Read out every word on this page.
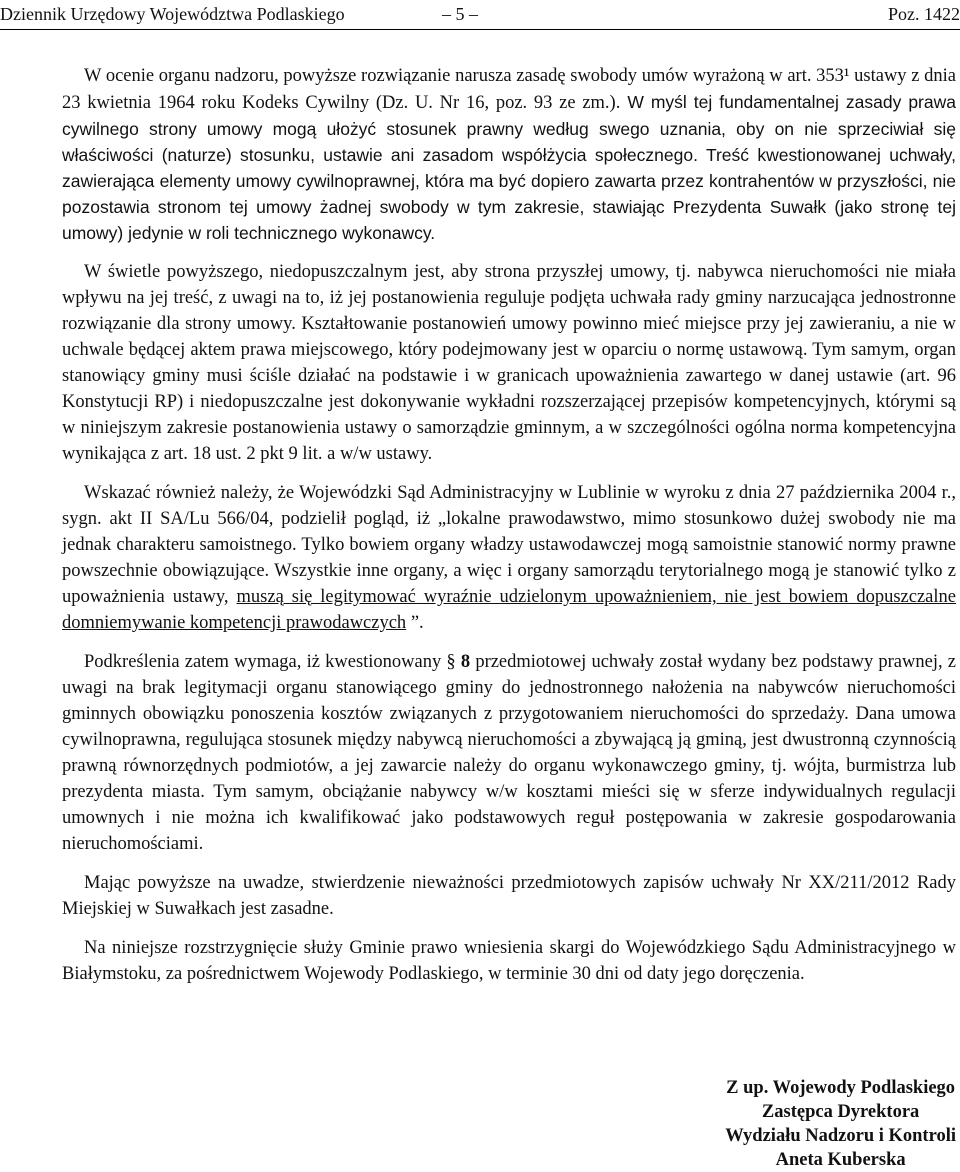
Dziennik Urzędowy Województwa Podlaskiego	– 5 –	Poz. 1422

W ocenie organu nadzoru, powyższe rozwiązanie narusza zasadę swobody umów wyrażoną w art. 353¹ ustawy z dnia 23 kwietnia 1964 roku Kodeks Cywilny (Dz. U. Nr 16, poz. 93 ze zm.). W myśl tej fundamentalnej zasady prawa cywilnego strony umowy mogą ułożyć stosunek prawny według swego uznania, oby on nie sprzeciwiał się właściwości (naturze) stosunku, ustawie ani zasadom współżycia społecznego. Treść kwestionowanej uchwały, zawierająca elementy umowy cywilnoprawnej, która ma być dopiero zawarta przez kontrahentów w przyszłości, nie pozostawia stronom tej umowy żadnej swobody w tym zakresie, stawiając Prezydenta Suwałk (jako stronę tej umowy) jedynie w roli technicznego wykonawcy.

W świetle powyższego, niedopuszczalnym jest, aby strona przyszłej umowy, tj. nabywca nieruchomości nie miała wpływu na jej treść, z uwagi na to, iż jej postanowienia reguluje podjęta uchwała rady gminy narzucająca jednostronne rozwiązanie dla strony umowy. Kształtowanie postanowień umowy powinno mieć miejsce przy jej zawieraniu, a nie w uchwale będącej aktem prawa miejscowego, który podejmowany jest w oparciu o normę ustawową. Tym samym, organ stanowiący gminy musi ściśle działać na podstawie i w granicach upoważnienia zawartego w danej ustawie (art. 96 Konstytucji RP) i niedopuszczalne jest dokonywanie wykładni rozszerzającej przepisów kompetencyjnych, którymi są w niniejszym zakresie postanowienia ustawy o samorządzie gminnym, a w szczególności ogólna norma kompetencyjna wynikająca z art. 18 ust. 2 pkt 9 lit. a w/w ustawy.

Wskazać również należy, że Wojewódzki Sąd Administracyjny w Lublinie w wyroku z dnia 27 października 2004 r., sygn. akt II SA/Lu 566/04, podzielił pogląd, iż „lokalne prawodawstwo, mimo stosunkowo dużej swobody nie ma jednak charakteru samoistnego. Tylko bowiem organy władzy ustawodawczej mogą samoistnie stanowić normy prawne powszechnie obowiązujące. Wszystkie inne organy, a więc i organy samorządu terytorialnego mogą je stanowić tylko z upoważnienia ustawy, muszą się legitymować wyraźnie udzielonym upoważnieniem, nie jest bowiem dopuszczalne domniemywanie kompetencji prawodawczych ”.

Podkreślenia zatem wymaga, iż kwestionowany § 8 przedmiotowej uchwały został wydany bez podstawy prawnej, z uwagi na brak legitymacji organu stanowiącego gminy do jednostronnego nałożenia na nabywców nieruchomości gminnych obowiązku ponoszenia kosztów związanych z przygotowaniem nieruchomości do sprzedaży. Dana umowa cywilnoprawna, regulująca stosunek między nabywcą nieruchomości a zbywającą ją gminą, jest dwustronną czynnością prawną równorzędnych podmiotów, a jej zawarcie należy do organu wykonawczego gminy, tj. wójta, burmistrza lub prezydenta miasta. Tym samym, obciążanie nabywcy w/w kosztami mieści się w sferze indywidualnych regulacji umownych i nie można ich kwalifikować jako podstawowych reguł postępowania w zakresie gospodarowania nieruchomościami.

Mając powyższe na uwadze, stwierdzenie nieważności przedmiotowych zapisów uchwały Nr XX/211/2012 Rady Miejskiej w Suwałkach jest zasadne.

Na niniejsze rozstrzygnięcie służy Gminie prawo wniesienia skargi do Wojewódzkiego Sądu Administracyjnego w Białymstoku, za pośrednictwem Wojewody Podlaskiego, w terminie 30 dni od daty jego doręczenia.

Z up. Wojewody Podlaskiego
Zastępca Dyrektora
Wydziału Nadzoru i Kontroli
Aneta Kuberska
